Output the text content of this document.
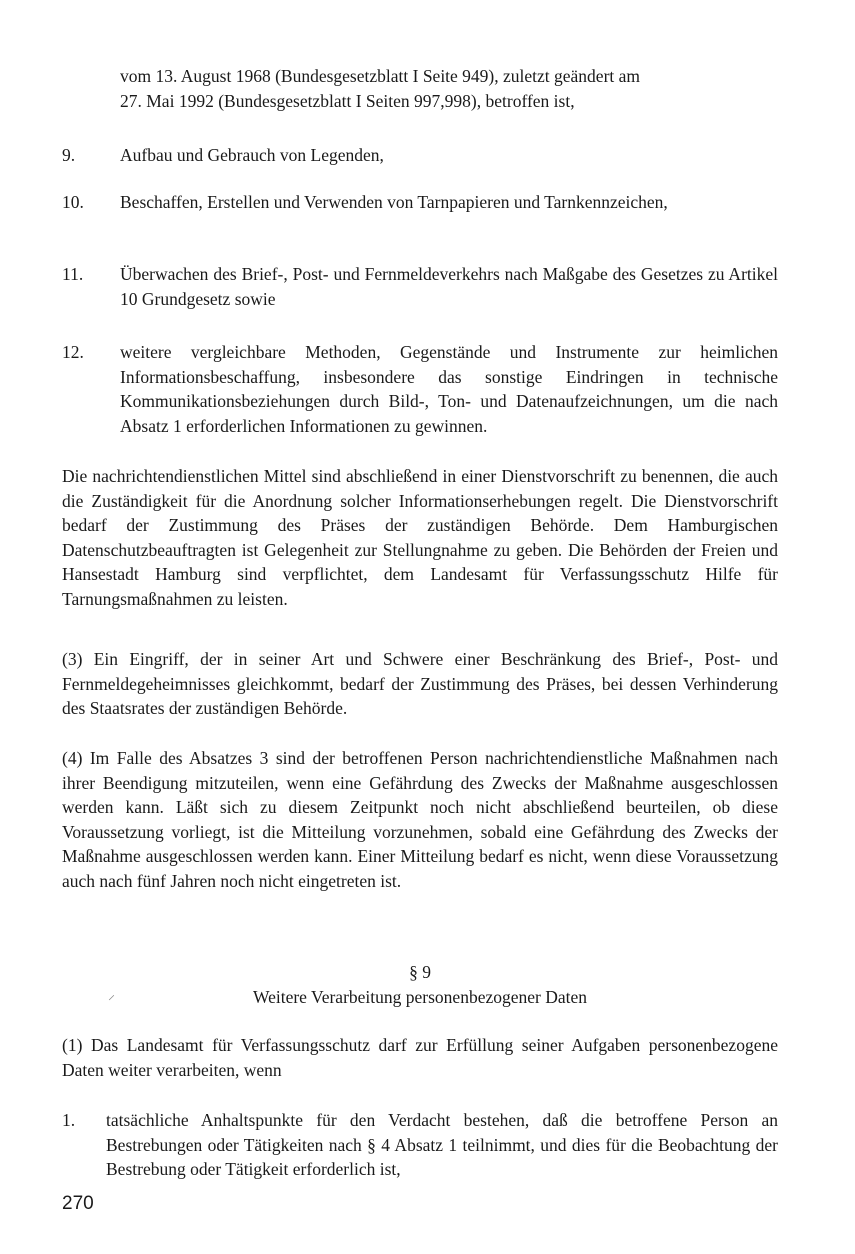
vom 13. August 1968 (Bundesgesetzblatt I Seite 949), zuletzt geändert am
27. Mai 1992 (Bundesgesetzblatt I Seiten 997,998), betroffen ist,
9.	Aufbau und Gebrauch von Legenden,
10. Beschaffen, Erstellen und Verwenden von Tarnpapieren und Tarnkennzeichen,
11. Überwachen des Brief-, Post- und Fernmeldeverkehrs nach Maßgabe des Gesetzes zu Artikel 10 Grundgesetz sowie
12. weitere vergleichbare Methoden, Gegenstände und Instrumente zur heimlichen Informationsbeschaffung, insbesondere das sonstige Eindringen in technische Kommunikationsbeziehungen durch Bild-, Ton- und Datenaufzeichnungen, um die nach Absatz 1 erforderlichen Informationen zu gewinnen.
Die nachrichtendienstlichen Mittel sind abschließend in einer Dienstvorschrift zu benennen, die auch die Zuständigkeit für die Anordnung solcher Informationserhebungen regelt. Die Dienstvorschrift bedarf der Zustimmung des Präses der zuständigen Behörde. Dem Hamburgischen Datenschutzbeauftragten ist Gelegenheit zur Stellungnahme zu geben. Die Behörden der Freien und Hansestadt Hamburg sind verpflichtet, dem Landesamt für Verfassungsschutz Hilfe für Tarnungsmaßnahmen zu leisten.
(3) Ein Eingriff, der in seiner Art und Schwere einer Beschränkung des Brief-, Post- und Fernmeldegeheimnisses gleichkommt, bedarf der Zustimmung des Präses, bei dessen Verhinderung des Staatsrates der zuständigen Behörde.
(4) Im Falle des Absatzes 3 sind der betroffenen Person nachrichtendienstliche Maßnahmen nach ihrer Beendigung mitzuteilen, wenn eine Gefährdung des Zwecks der Maßnahme ausgeschlossen werden kann. Läßt sich zu diesem Zeitpunkt noch nicht abschließend beurteilen, ob diese Voraussetzung vorliegt, ist die Mitteilung vorzunehmen, sobald eine Gefährdung des Zwecks der Maßnahme ausgeschlossen werden kann. Einer Mitteilung bedarf es nicht, wenn diese Voraussetzung auch nach fünf Jahren noch nicht eingetreten ist.
§ 9
Weitere Verarbeitung personenbezogener Daten
⸍
(1) Das Landesamt für Verfassungsschutz darf zur Erfüllung seiner Aufgaben personenbezogene Daten weiter verarbeiten, wenn
1. tatsächliche Anhaltspunkte für den Verdacht bestehen, daß die betroffene Person an Bestrebungen oder Tätigkeiten nach § 4 Absatz 1 teilnimmt, und dies für die Beobachtung der Bestrebung oder Tätigkeit erforderlich ist,
270
